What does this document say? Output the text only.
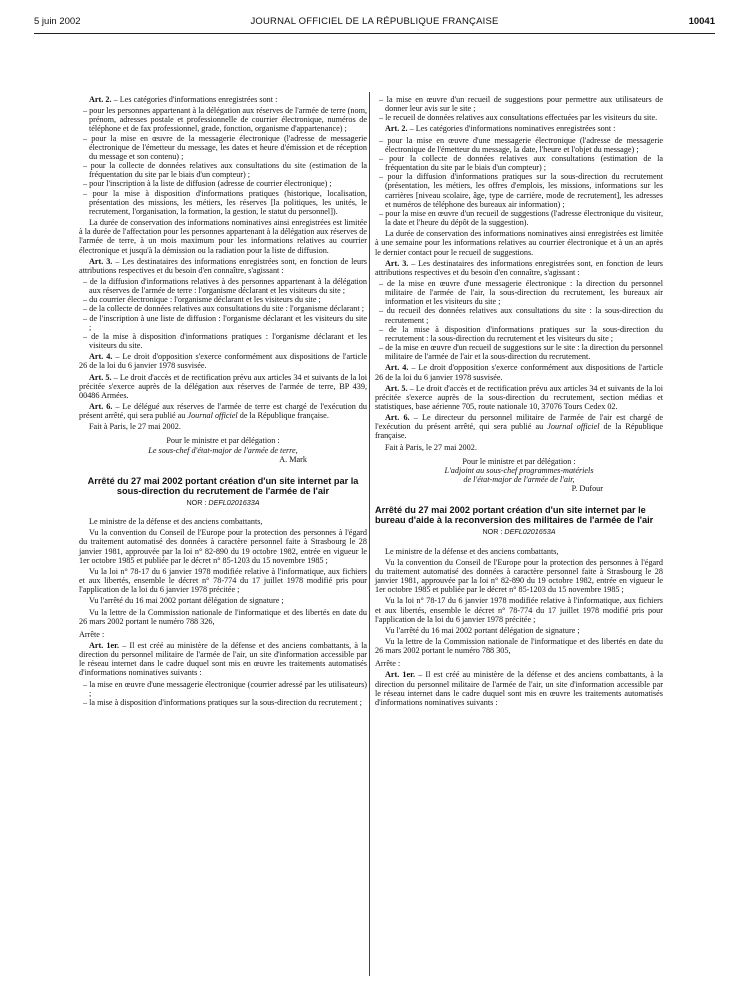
5 juin 2002	JOURNAL OFFICIEL DE LA RÉPUBLIQUE FRANÇAISE	10041

Art. 2. – Les catégories d'informations enregistrées sont :

– pour les personnes appartenant à la délégation aux réserves de l'armée de terre (nom, prénom, adresses postale et professionnelle de courrier électronique, numéros de téléphone et de fax professionnel, grade, fonction, organisme d'appartenance) ;
– pour la mise en œuvre de la messagerie électronique (l'adresse de messagerie électronique de l'émetteur du message, les dates et heure d'émission et de réception du message et son contenu) ;
– pour la collecte de données relatives aux consultations du site (estimation de la fréquentation du site par le biais d'un compteur) ;
– pour l'inscription à la liste de diffusion (adresse de courrier électronique) ;
– pour la mise à disposition d'informations pratiques (historique, localisation, présentation des missions, les métiers, les réserves [la politiques, les unités, le recrutement, l'organisation, la formation, la gestion, le statut du personnel]).

La durée de conservation des informations nominatives ainsi enregistrées est limitée à la durée de l'affectation pour les personnes appartenant à la délégation aux réserves de l'armée de terre, à un mois maximum pour les informations relatives au courrier électronique et jusqu'à la démission ou la radiation pour la liste de diffusion.

Art. 3. – Les destinataires des informations enregistrées sont, en fonction de leurs attributions respectives et du besoin d'en connaître, s'agissant :

– de la diffusion d'informations relatives à des personnes appartenant à la délégation aux réserves de l'armée de terre : l'organisme déclarant et les visiteurs du site ;
– du courrier électronique : l'organisme déclarant et les visiteurs du site ;
– de la collecte de données relatives aux consultations du site : l'organisme déclarant ;
– de l'inscription à une liste de diffusion : l'organisme déclarant et les visiteurs du site ;
– de la mise à disposition d'informations pratiques : l'organisme déclarant et les visiteurs du site.

Art. 4. – Le droit d'opposition s'exerce conformément aux dispositions de l'article 26 de la loi du 6 janvier 1978 susvisée.

Art. 5. – Le droit d'accès et de rectification prévu aux articles 34 et suivants de la loi précitée s'exerce auprès de la délégation aux réserves de l'armée de terre, BP 439, 00486 Armées.

Art. 6. – Le délégué aux réserves de l'armée de terre est chargé de l'exécution du présent arrêté, qui sera publié au Journal officiel de la République française.

Fait à Paris, le 27 mai 2002.

Pour le ministre et par délégation :
Le sous-chef d'état-major de l'armée de terre,
A. Mark
Arrêté du 27 mai 2002 portant création d'un site internet par la sous-direction du recrutement de l'armée de l'air
NOR : DEFL0201633A

Le ministre de la défense et des anciens combattants,

Vu la convention du Conseil de l'Europe pour la protection des personnes à l'égard du traitement automatisé des données à caractère personnel faite à Strasbourg le 28 janvier 1981, approuvée par la loi n° 82-890 du 19 octobre 1982, entrée en vigueur le 1er octobre 1985 et publiée par le décret n° 85-1203 du 15 novembre 1985 ;

Vu la loi n° 78-17 du 6 janvier 1978 modifiée relative à l'informatique, aux fichiers et aux libertés, ensemble le décret n° 78-774 du 17 juillet 1978 modifié pris pour l'application de la loi du 6 janvier 1978 précitée ;

Vu l'arrêté du 16 mai 2002 portant délégation de signature ;

Vu la lettre de la Commission nationale de l'informatique et des libertés en date du 26 mars 2002 portant le numéro 788 326,

Arrête :

Art. 1er. – Il est créé au ministère de la défense et des anciens combattants, à la direction du personnel militaire de l'armée de l'air, un site d'information accessible par le réseau internet dans le cadre duquel sont mis en œuvre les traitements automatisés d'informations nominatives suivants :

– la mise en œuvre d'une messagerie électronique (courrier adressé par les utilisateurs) ;
– la mise à disposition d'informations pratiques sur la sous-direction du recrutement ;
– la mise en œuvre d'un recueil de suggestions pour permettre aux utilisateurs de donner leur avis sur le site ;
– le recueil de données relatives aux consultations effectuées par les visiteurs du site.

Art. 2. – Les catégories d'informations nominatives enregistrées sont :

– pour la mise en œuvre d'une messagerie électronique (l'adresse de messagerie électronique de l'émetteur du message, la date, l'heure et l'objet du message) ;
– pour la collecte de données relatives aux consultations (estimation de la fréquentation du site par le biais d'un compteur) ;
– pour la diffusion d'informations pratiques sur la sous-direction du recrutement (présentation, les métiers, les offres d'emplois, les missions, informations sur les carrières [niveau scolaire, âge, type de carrière, mode de recrutement], les adresses et numéros de téléphone des bureaux air information) ;
– pour la mise en œuvre d'un recueil de suggestions (l'adresse électronique du visiteur, la date et l'heure du dépôt de la suggestion).

La durée de conservation des informations nominatives ainsi enregistrées est limitée à une semaine pour les informations relatives au courrier électronique et à un an après le dernier contact pour le recueil de suggestions.

Art. 3. – Les destinataires des informations enregistrées sont, en fonction de leurs attributions respectives et du besoin d'en connaître, s'agissant :

– de la mise en œuvre d'une messagerie électronique : la direction du personnel militaire de l'armée de l'air, la sous-direction du recrutement, les bureaux air information et les visiteurs du site ;
– du recueil des données relatives aux consultations du site : la sous-direction du recrutement ;
– de la mise à disposition d'informations pratiques sur la sous-direction du recrutement : la sous-direction du recrutement et les visiteurs du site ;
– de la mise en œuvre d'un recueil de suggestions sur le site : la direction du personnel militaire de l'armée de l'air et la sous-direction du recrutement.

Art. 4. – Le droit d'opposition s'exerce conformément aux dispositions de l'article 26 de la loi du 6 janvier 1978 susvisée.

Art. 5. – Le droit d'accès et de rectification prévu aux articles 34 et suivants de la loi précitée s'exerce auprès de la sous-direction du recrutement, section médias et statistiques, base aérienne 705, route nationale 10, 37076 Tours Cedex 02.

Art. 6. – Le directeur du personnel militaire de l'armée de l'air est chargé de l'exécution du présent arrêté, qui sera publié au Journal officiel de la République française.

Fait à Paris, le 27 mai 2002.

Pour le ministre et par délégation :
L'adjoint au sous-chef programmes-matériels
de l'état-major de l'armée de l'air,
P. Dufour
Arrêté du 27 mai 2002 portant création d'un site internet par le bureau d'aide à la reconversion des militaires de l'armée de l'air
NOR : DEFL0201653A

Le ministre de la défense et des anciens combattants,

Vu la convention du Conseil de l'Europe pour la protection des personnes à l'égard du traitement automatisé des données à caractère personnel faite à Strasbourg le 28 janvier 1981, approuvée par la loi n° 82-890 du 19 octobre 1982, entrée en vigueur le 1er octobre 1985 et publiée par le décret n° 85-1203 du 15 novembre 1985 ;

Vu la loi n° 78-17 du 6 janvier 1978 modifiée relative à l'informatique, aux fichiers et aux libertés, ensemble le décret n° 78-774 du 17 juillet 1978 modifié pris pour l'application de la loi du 6 janvier 1978 précitée ;

Vu l'arrêté du 16 mai 2002 portant délégation de signature ;

Vu la lettre de la Commission nationale de l'informatique et des libertés en date du 26 mars 2002 portant le numéro 788 305,

Arrête :

Art. 1er. – Il est créé au ministère de la défense et des anciens combattants, à la direction du personnel militaire de l'armée de l'air, un site d'information accessible par le réseau internet dans le cadre duquel sont mis en œuvre les traitements automatisés d'informations nominatives suivants :
